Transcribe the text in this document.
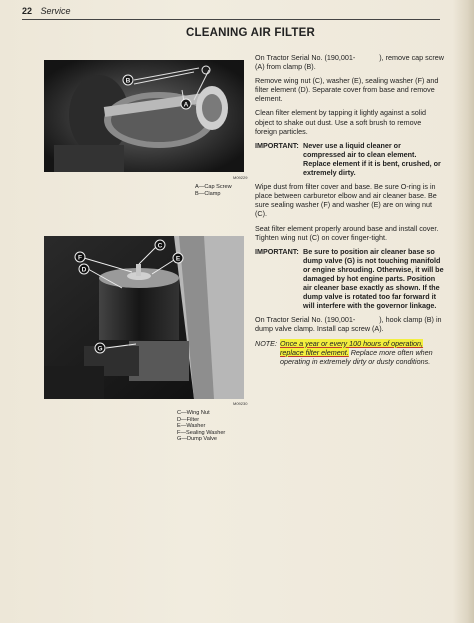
22 Service
CLEANING AIR FILTER
B
A
M09229
A—Cap Screw
B—Clamp
C
F
D
E
G
M09230
C—Wing Nut
D—Filter
E—Washer
F—Sealing Washer
G—Dump Valve

On Tractor Serial No. (190,001-            ), remove cap screw (A) from clamp (B).

Remove wing nut (C), washer (E), sealing washer (F) and filter element (D). Separate cover from base and remove element.

Clean filter element by tapping it lightly against a solid object to shake out dust. Use a soft brush to remove foreign particles.

IMPORTANT: Never use a liquid cleaner or compressed air to clean element. Replace element if it is bent, crushed, or extremely dirty.

Wipe dust from filter cover and base. Be sure O-ring is in place between carburetor elbow and air cleaner base. Be sure sealing washer (F) and washer (E) are on wing nut (C).

Seat filter element properly around base and install cover. Tighten wing nut (C) on cover finger-tight.

IMPORTANT: Be sure to position air cleaner base so dump valve (G) is not touching manifold or engine shrouding. Otherwise, it will be damaged by hot engine parts. Position air cleaner base exactly as shown. If the dump valve is rotated too far forward it will interfere with the governor linkage.

On Tractor Serial No. (190,001-            ), hook clamp (B) in dump valve clamp. Install cap screw (A).

NOTE: Once a year or every 100 hours of operation, replace filter element. Replace more often when operating in extremely dirty or dusty conditions.
